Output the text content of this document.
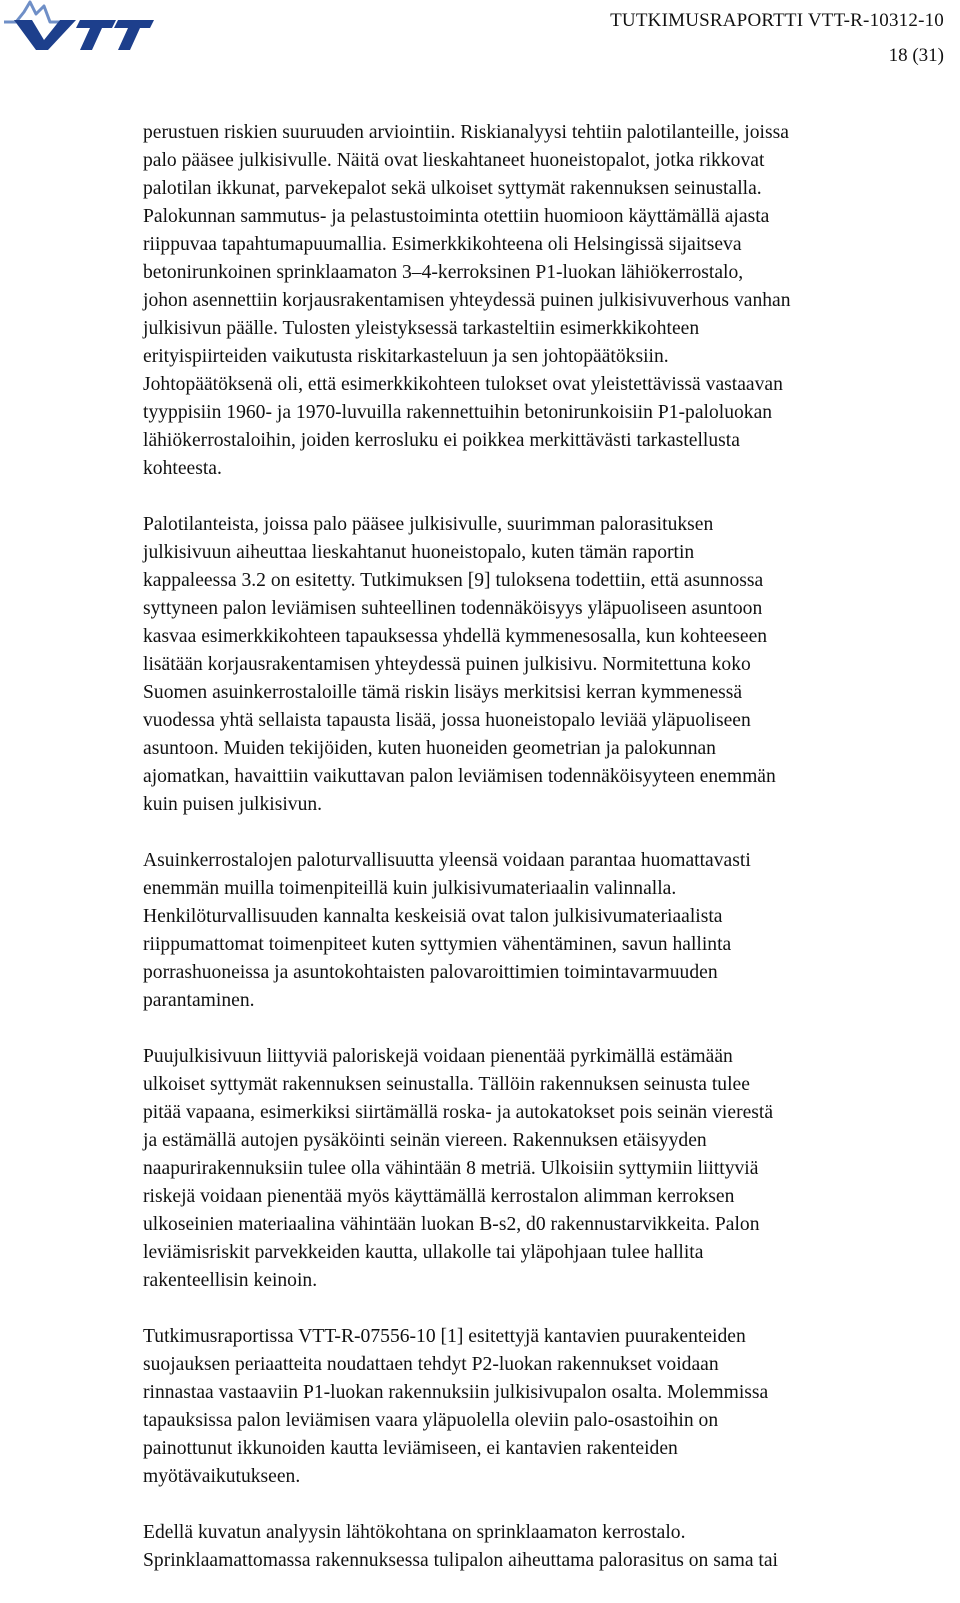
TUTKIMUSRAPORTTI VTT-R-10312-10
18 (31)

perustuen riskien suuruuden arviointiin. Riskianalyysi tehtiin palotilanteille, joissa
palo pääsee julkisivulle. Näitä ovat lieskahtaneet huoneistopalot, jotka rikkovat
palotilan ikkunat, parvekepalot sekä ulkoiset syttymät rakennuksen seinustalla.
Palokunnan sammutus- ja pelastustoiminta otettiin huomioon käyttämällä ajasta
riippuvaa tapahtumapuumallia. Esimerkkikohteena oli Helsingissä sijaitseva
betonirunkoinen sprinklaamaton 3–4-kerroksinen P1-luokan lähiökerrostalo,
johon asennettiin korjausrakentamisen yhteydessä puinen julkisivuverhous vanhan
julkisivun päälle. Tulosten yleistyksessä tarkasteltiin esimerkkikohteen
erityispiirteiden vaikutusta riskitarkasteluun ja sen johtopäätöksiin.
Johtopäätöksenä oli, että esimerkkikohteen tulokset ovat yleistettävissä vastaavan
tyyppisiin 1960- ja 1970-luvuilla rakennettuihin betonirunkoisiin P1-paloluokan
lähiökerrostaloihin, joiden kerrosluku ei poikkea merkittävästi tarkastellusta
kohteesta.

Palotilanteista, joissa palo pääsee julkisivulle, suurimman palorasituksen
julkisivuun aiheuttaa lieskahtanut huoneistopalo, kuten tämän raportin
kappaleessa 3.2 on esitetty. Tutkimuksen [9] tuloksena todettiin, että asunnossa
syttyneen palon leviämisen suhteellinen todennäköisyys yläpuoliseen asuntoon
kasvaa esimerkkikohteen tapauksessa yhdellä kymmenesosalla, kun kohteeseen
lisätään korjausrakentamisen yhteydessä puinen julkisivu. Normitettuna koko
Suomen asuinkerrostaloille tämä riskin lisäys merkitsisi kerran kymmenessä
vuodessa yhtä sellaista tapausta lisää, jossa huoneistopalo leviää yläpuoliseen
asuntoon. Muiden tekijöiden, kuten huoneiden geometrian ja palokunnan
ajomatkan, havaittiin vaikuttavan palon leviämisen todennäköisyyteen enemmän
kuin puisen julkisivun.

Asuinkerrostalojen paloturvallisuutta yleensä voidaan parantaa huomattavasti
enemmän muilla toimenpiteillä kuin julkisivumateriaalin valinnalla.
Henkilöturvallisuuden kannalta keskeisiä ovat talon julkisivumateriaalista
riippumattomat toimenpiteet kuten syttymien vähentäminen, savun hallinta
porrashuoneissa ja asuntokohtaisten palovaroittimien toimintavarmuuden
parantaminen.

Puujulkisivuun liittyviä paloriskejä voidaan pienentää pyrkimällä estämään
ulkoiset syttymät rakennuksen seinustalla. Tällöin rakennuksen seinusta tulee
pitää vapaana, esimerkiksi siirtämällä roska- ja autokatokset pois seinän vierestä
ja estämällä autojen pysäköinti seinän viereen. Rakennuksen etäisyyden
naapurirakennuksiin tulee olla vähintään 8 metriä. Ulkoisiin syttymiin liittyviä
riskejä voidaan pienentää myös käyttämällä kerrostalon alimman kerroksen
ulkoseinien materiaalina vähintään luokan B-s2, d0 rakennustarvikkeita. Palon
leviämisriskit parvekkeiden kautta, ullakolle tai yläpohjaan tulee hallita
rakenteellisin keinoin.

Tutkimusraportissa VTT-R-07556-10 [1] esitettyjä kantavien puurakenteiden
suojauksen periaatteita noudattaen tehdyt P2-luokan rakennukset voidaan
rinnastaa vastaaviin P1-luokan rakennuksiin julkisivupalon osalta. Molemmissa
tapauksissa palon leviämisen vaara yläpuolella oleviin palo-osastoihin on
painottunut ikkunoiden kautta leviämiseen, ei kantavien rakenteiden
myötävaikutukseen.

Edellä kuvatun analyysin lähtökohtana on sprinklaamaton kerrostalo.
Sprinklaamattomassa rakennuksessa tulipalon aiheuttama palorasitus on sama tai
